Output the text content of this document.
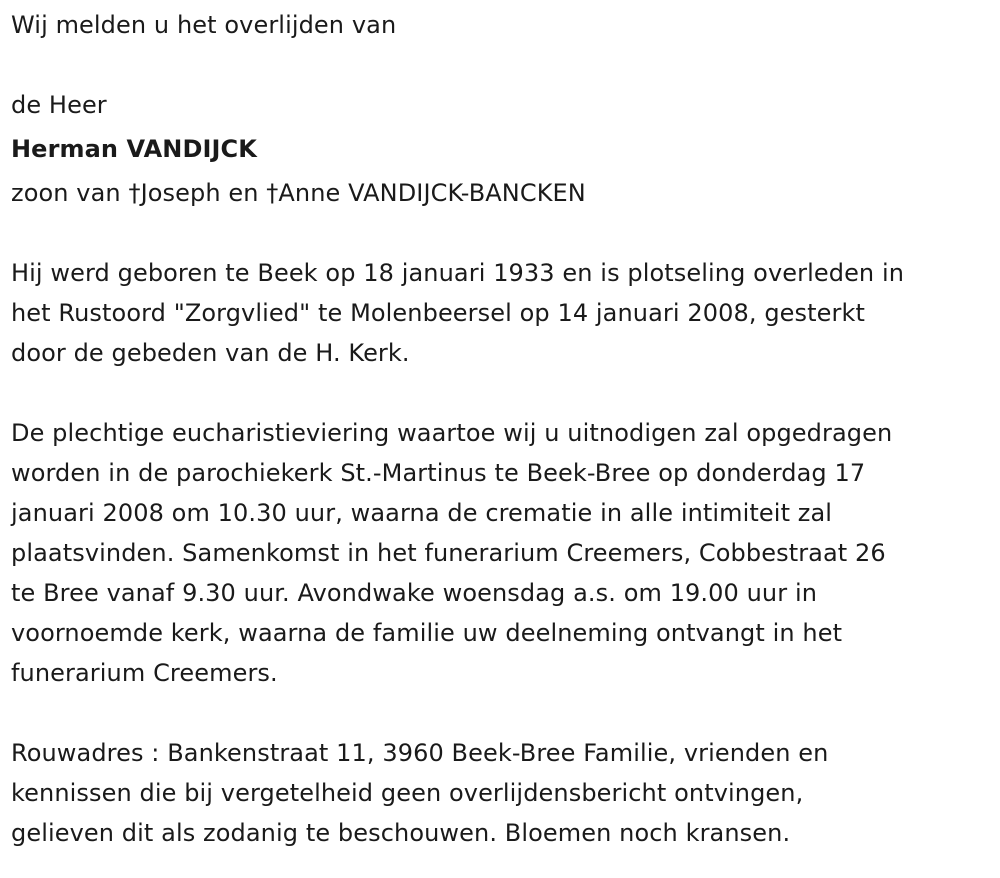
Wij melden u het overlijden van

de Heer

Herman VANDIJCK

zoon van †Joseph en †Anne VANDIJCK-BANCKEN

Hij werd geboren te Beek op 18 januari 1933 en is plotseling overleden in
het Rustoord "Zorgvlied" te Molenbeersel op 14 januari 2008, gesterkt
door de gebeden van de H. Kerk.

De plechtige eucharistieviering waartoe wij u uitnodigen zal opgedragen
worden in de parochiekerk St.-Martinus te Beek-Bree op donderdag 17
januari 2008 om 10.30 uur, waarna de crematie in alle intimiteit zal
plaatsvinden. Samenkomst in het funerarium Creemers, Cobbestraat 26
te Bree vanaf 9.30 uur. Avondwake woensdag a.s. om 19.00 uur in
voornoemde kerk, waarna de familie uw deelneming ontvangt in het
funerarium Creemers.

Rouwadres : Bankenstraat 11, 3960 Beek-Bree Familie, vrienden en
kennissen die bij vergetelheid geen overlijdensbericht ontvingen,
gelieven dit als zodanig te beschouwen. Bloemen noch kransen.
